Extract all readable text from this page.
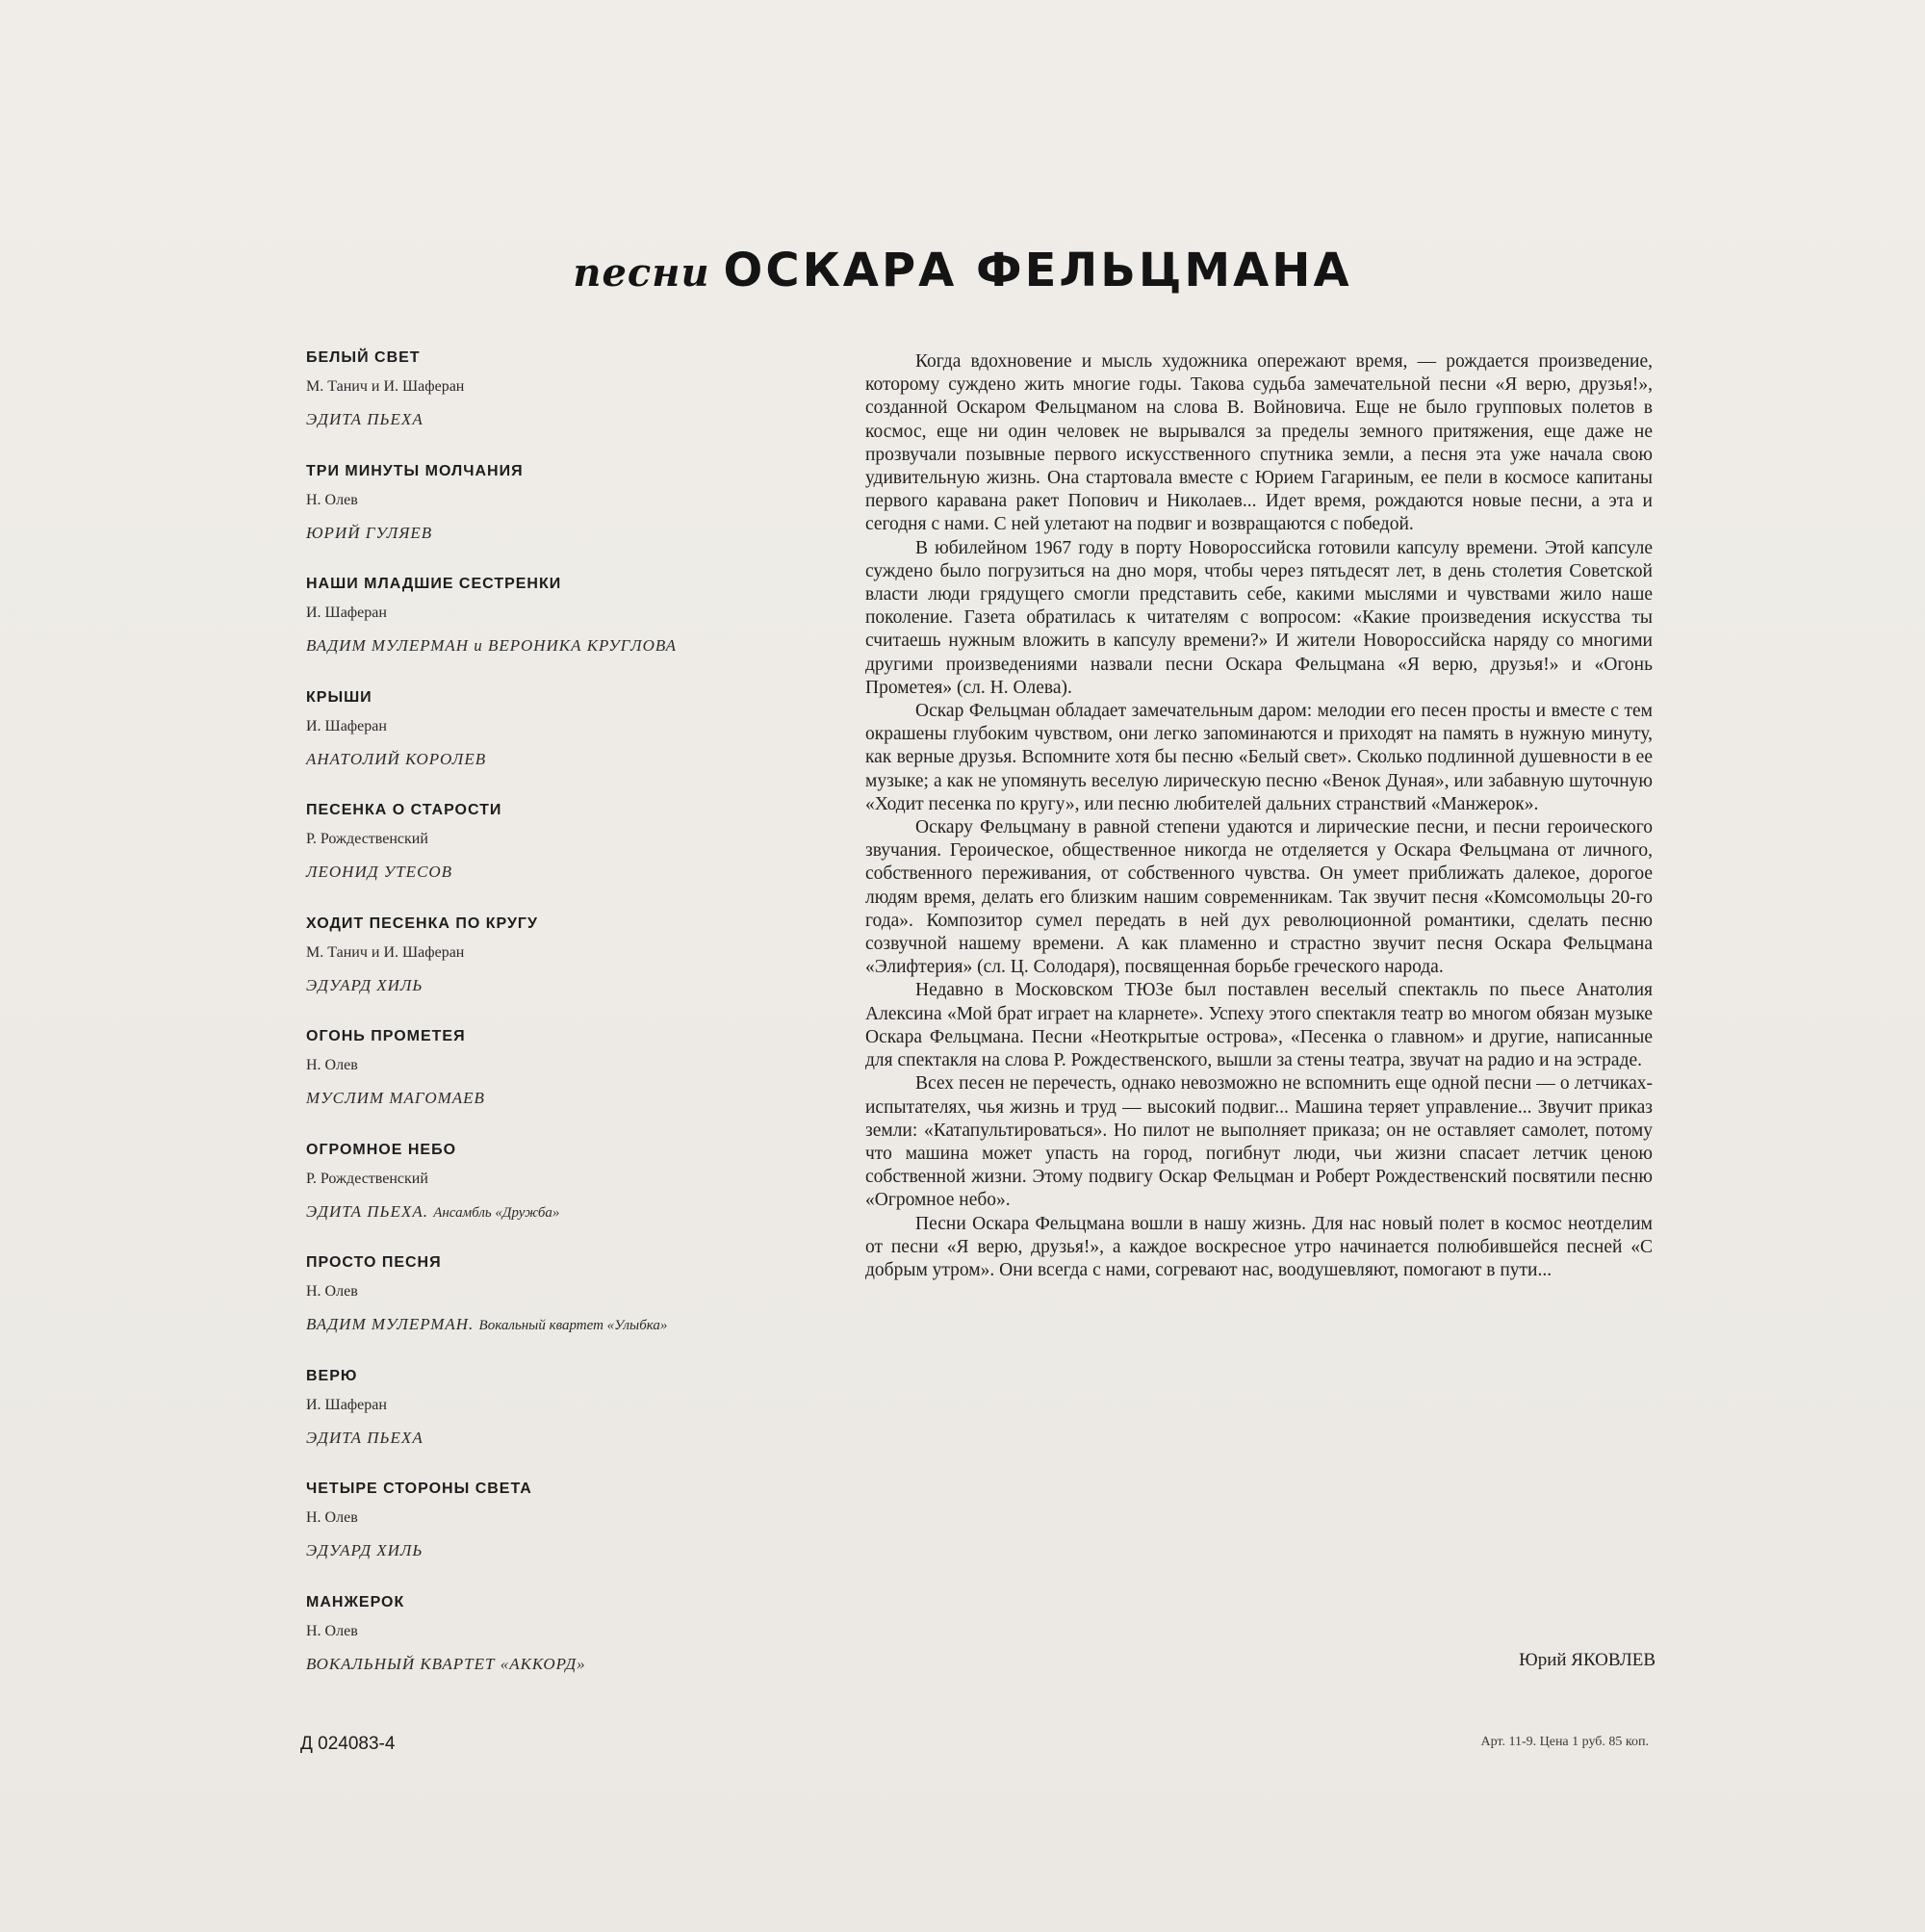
песни ОСКАРА ФЕЛЬЦМАНА
БЕЛЫЙ СВЕТ
М. Танич и И. Шаферан
ЭДИТА ПЬЕХА
ТРИ МИНУТЫ МОЛЧАНИЯ
Н. Олев
ЮРИЙ ГУЛЯЕВ
НАШИ МЛАДШИЕ СЕСТРЕНКИ
И. Шаферан
ВАДИМ МУЛЕРМАН и ВЕРОНИКА КРУГЛОВА
КРЫШИ
И. Шаферан
АНАТОЛИЙ КОРОЛЕВ
ПЕСЕНКА О СТАРОСТИ
Р. Рождественский
ЛЕОНИД УТЕСОВ
ХОДИТ ПЕСЕНКА ПО КРУГУ
М. Танич и И. Шаферан
ЭДУАРД ХИЛЬ
ОГОНЬ ПРОМЕТЕЯ
Н. Олев
МУСЛИМ МАГОМАЕВ
ОГРОМНОЕ НЕБО
Р. Рождественский
ЭДИТА ПЬЕХА. Ансамбль «Дружба»
ПРОСТО ПЕСНЯ
Н. Олев
ВАДИМ МУЛЕРМАН. Вокальный квартет «Улыбка»
ВЕРЮ
И. Шаферан
ЭДИТА ПЬЕХА
ЧЕТЫРЕ СТОРОНЫ СВЕТА
Н. Олев
ЭДУАРД ХИЛЬ
МАНЖЕРОК
Н. Олев
ВОКАЛЬНЫЙ КВАРТЕТ «АККОРД»

Когда вдохновение и мысль художника опережают время, — рождается произведение, которому суждено жить многие годы. Такова судьба замечательной песни «Я верю, друзья!», созданной Оскаром Фельцманом на слова В. Войновича. Еще не было групповых полетов в космос, еще ни один человек не вырывался за пределы земного притяжения, еще даже не прозвучали позывные первого искусственного спутника земли, а песня эта уже начала свою удивительную жизнь. Она стартовала вместе с Юрием Гагариным, ее пели в космосе капитаны первого каравана ракет Попович и Николаев... Идет время, рождаются новые песни, а эта и сегодня с нами. С ней улетают на подвиг и возвращаются с победой.

В юбилейном 1967 году в порту Новороссийска готовили капсулу времени. Этой капсуле суждено было погрузиться на дно моря, чтобы через пятьдесят лет, в день столетия Советской власти люди грядущего смогли представить себе, какими мыслями и чувствами жило наше поколение. Газета обратилась к читателям с вопросом: «Какие произведения искусства ты считаешь нужным вложить в капсулу времени?» И жители Новороссийска наряду со многими другими произведениями назвали песни Оскара Фельцмана «Я верю, друзья!» и «Огонь Прометея» (сл. Н. Олева).

Оскар Фельцман обладает замечательным даром: мелодии его песен просты и вместе с тем окрашены глубоким чувством, они легко запоминаются и приходят на память в нужную минуту, как верные друзья. Вспомните хотя бы песню «Белый свет». Сколько подлинной душевности в ее музыке; а как не упомянуть веселую лирическую песню «Венок Дуная», или забавную шуточную «Ходит песенка по кругу», или песню любителей дальних странствий «Манжерок».

Оскару Фельцману в равной степени удаются и лирические песни, и песни героического звучания. Героическое, общественное никогда не отделяется у Оскара Фельцмана от личного, собственного переживания, от собственного чувства. Он умеет приближать далекое, дорогое людям время, делать его близким нашим современникам. Так звучит песня «Комсомольцы 20-го года». Композитор сумел передать в ней дух революционной романтики, сделать песню созвучной нашему времени. А как пламенно и страстно звучит песня Оскара Фельцмана «Элифтерия» (сл. Ц. Солодаря), посвященная борьбе греческого народа.

Недавно в Московском ТЮЗе был поставлен веселый спектакль по пьесе Анатолия Алексина «Мой брат играет на кларнете». Успеху этого спектакля театр во многом обязан музыке Оскара Фельцмана. Песни «Неоткрытые острова», «Песенка о главном» и другие, написанные для спектакля на слова Р. Рождественского, вышли за стены театра, звучат на радио и на эстраде.

Всех песен не перечесть, однако невозможно не вспомнить еще одной песни — о летчиках-испытателях, чья жизнь и труд — высокий подвиг... Машина теряет управление... Звучит приказ земли: «Катапультироваться». Но пилот не выполняет приказа; он не оставляет самолет, потому что машина может упасть на город, погибнут люди, чьи жизни спасает летчик ценою собственной жизни. Этому подвигу Оскар Фельцман и Роберт Рождественский посвятили песню «Огромное небо».

Песни Оскара Фельцмана вошли в нашу жизнь. Для нас новый полет в космос неотделим от песни «Я верю, друзья!», а каждое воскресное утро начинается полюбившейся песней «С добрым утром». Они всегда с нами, согревают нас, воодушевляют, помогают в пути...

Юрий ЯКОВЛЕВ
Д 024083-4	Арт. 11-9. Цена 1 руб. 85 коп.
